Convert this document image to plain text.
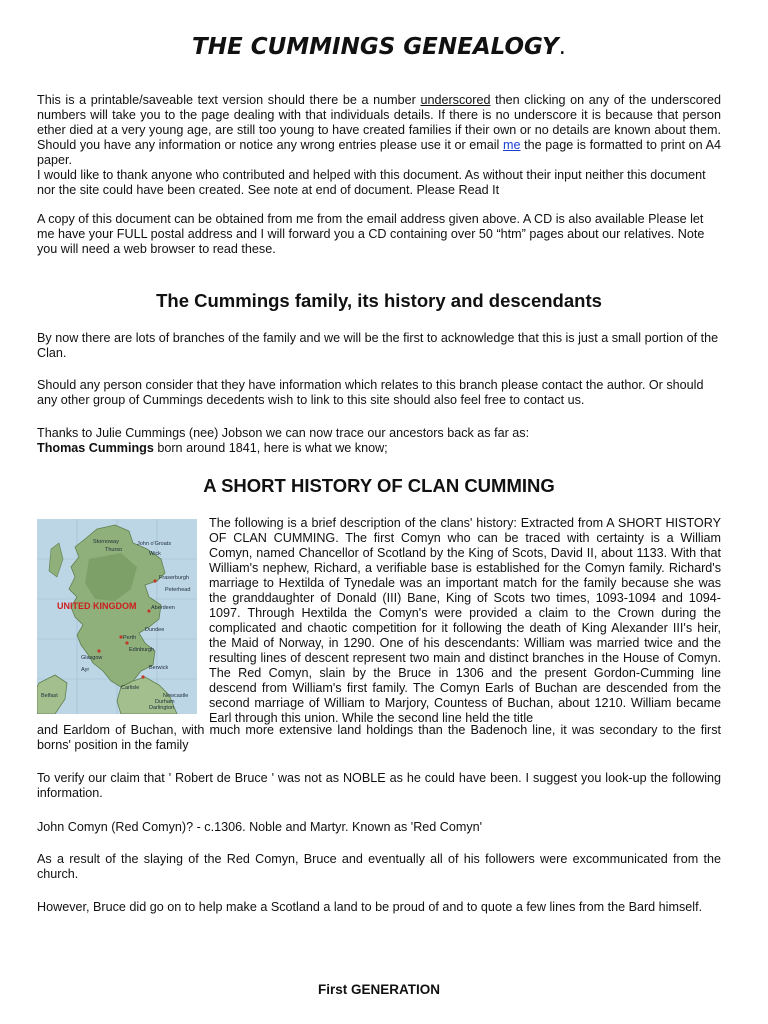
THE CUMMINGS GENEALOGY.

This is a printable/saveable text version should there be a number underscored then clicking on any of the underscored numbers will take you to the page dealing with that individuals details. If there is no underscore it is because that person ether died at a very young age, are still too young to have created families if their own or no details are known about them. Should you have any information or notice any wrong entries please use it or email me the page is formatted to print on A4 paper.

I would like to thank anyone who contributed and helped with this document. As without their input neither this document nor the site could have been created. See note at end of document. Please Read It

A copy of this document can be obtained from me from the email address given above. A CD is also available Please let me have your FULL postal address and I will forward you a CD containing over 50 “htm” pages about our relatives. Note you will need a web browser to read these.

The Cummings family, its history and descendants

By now there are lots of branches of the family and we will be the first to acknowledge that this is just a small portion of the Clan.

Should any person consider that they have information which relates to this branch please contact the author. Or should any other group of Cummings decedents wish to link to this site should also feel free to contact us.

Thanks to Julie Cummings (nee) Jobson we can now trace our ancestors back as far as:
Thomas Cummings born around 1841, here is what we know;

A SHORT HISTORY OF CLAN CUMMING
UNITED KINGDOM
Stornoway
Thurso
John o'Groats
Wick
Fraserburgh
Peterhead
Aberdeen
Dundee
Perth
Edinburgh
Glasgow
Ayr
Carlisle
Belfast
Darlington
Newcastle
Durham
Berwick

The following is a brief description of the clans' history: Extracted from A SHORT HISTORY OF CLAN CUMMING. The first Comyn who can be traced with certainty is a William Comyn, named Chancellor of Scotland by the King of Scots, David II, about 1133. With that William's nephew, Richard, a verifiable base is established for the Comyn family. Richard's marriage to Hextilda of Tynedale was an important match for the family because she was the granddaughter of Donald (III) Bane, King of Scots two times, 1093-1094 and 1094-1097. Through Hextilda the Comyn's were provided a claim to the Crown during the complicated and chaotic competition for it following the death of King Alexander III's heir, the Maid of Norway, in 1290. One of his descendants: William was married twice and the resulting lines of descent represent two main and distinct branches in the House of Comyn. The Red Comyn, slain by the Bruce in 1306 and the present Gordon-Cumming line descend from William's first family. The Comyn Earls of Buchan are descended from the second marriage of William to Marjory, Countess of Buchan, about 1210. William became Earl through this union. While the second line held the title

and Earldom of Buchan, with much more extensive land holdings than the Badenoch line, it was secondary to the first borns' position in the family

To verify our claim that ' Robert de Bruce ' was not as NOBLE as he could have been. I suggest you look-up the following information.

John Comyn (Red Comyn)? - c.1306. Noble and Martyr. Known as 'Red Comyn'

As a result of the slaying of the Red Comyn, Bruce and eventually all of his followers were excommunicated from the church.

However, Bruce did go on to help make a Scotland a land to be proud of and to quote a few lines from the Bard himself.

First GENERATION
